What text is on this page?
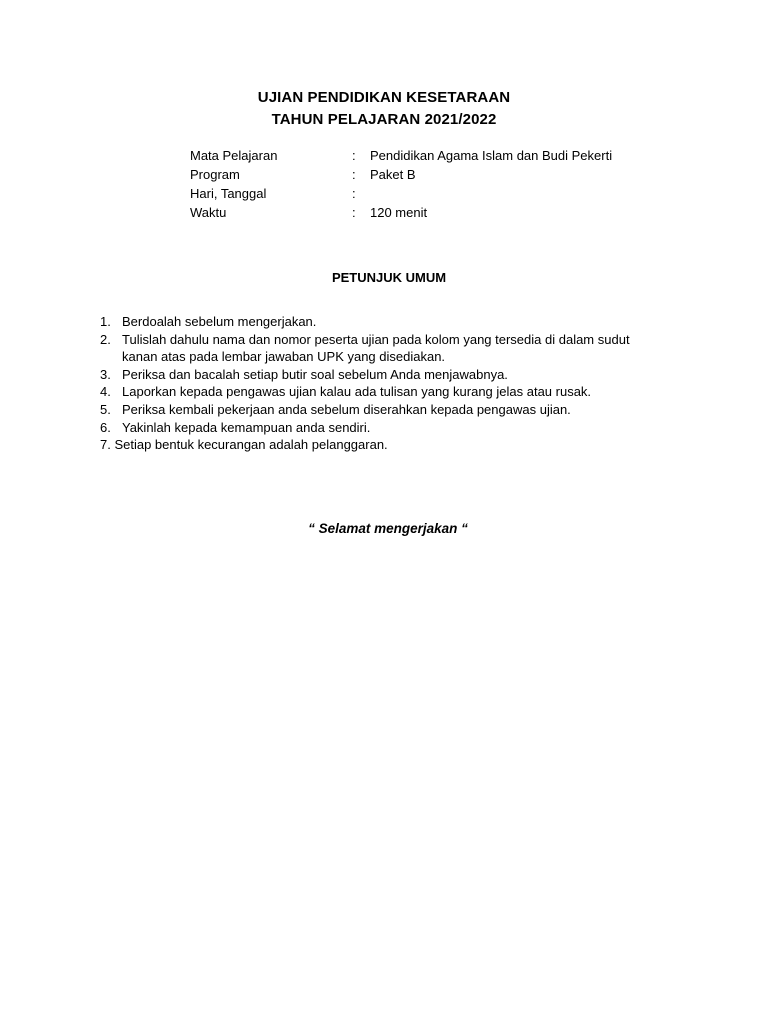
UJIAN PENDIDIKAN KESETARAAN
TAHUN PELAJARAN 2021/2022
Mata Pelajaran	: Pendidikan Agama Islam dan Budi Pekerti
Program	: Paket B
Hari, Tanggal	:
Waktu	: 120 menit
PETUNJUK UMUM
1. Berdoalah sebelum mengerjakan.
2. Tulislah dahulu nama dan nomor peserta ujian pada kolom yang tersedia di dalam sudut kanan atas pada lembar jawaban UPK yang disediakan.
3. Periksa dan bacalah setiap butir soal sebelum Anda menjawabnya.
4. Laporkan kepada pengawas ujian kalau ada tulisan yang kurang jelas atau rusak.
5. Periksa kembali pekerjaan anda sebelum diserahkan kepada pengawas ujian.
6. Yakinlah kepada kemampuan anda sendiri.
7. Setiap bentuk kecurangan adalah pelanggaran.
“ Selamat mengerjakan “
